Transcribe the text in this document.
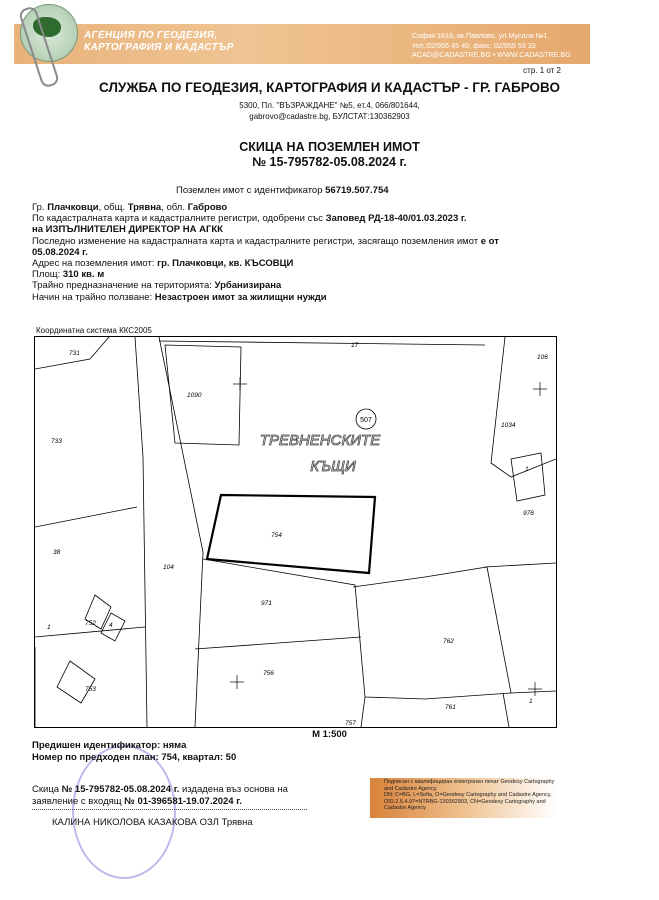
АГЕНЦИЯ ПО ГЕОДЕЗИЯ,
КАРТОГРАФИЯ И КАДАСТЪР
София 1618, кв.Павлово, ул.Мусала №1
тел.:02/955 45 40, факс: 02/955 53 33
ACAD@CADASTRE.BG • WWW.CADASTRE.BG
стр. 1 от 2
СЛУЖБА ПО ГЕОДЕЗИЯ, КАРТОГРАФИЯ И КАДАСТЪР - ГР. ГАБРОВО
5300, Пл. "ВЪЗРАЖДАНЕ" №5, ет.4, 066/801644,
gabrovo@cadastre.bg, БУЛСТАТ:130362903
СКИЦА НА ПОЗЕМЛЕН ИМОТ
№ 15-795782-05.08.2024 г.
Поземлен имот с идентификатор 56719.507.754
Гр. Плачковци, общ. Трявна, обл. Габрово
По кадастралната карта и кадастралните регистри, одобрени със Заповед РД-18-40/01.03.2023 г.
на ИЗПЪЛНИТЕЛЕН ДИРЕКТОР НА АГКК
Последно изменение на кадастралната карта и кадастралните регистри, засягащо поземления имот е от
05.08.2024 г.
Адрес на поземления имот: гр. Плачковци, кв. КЪСОВЦИ
Площ: 310 кв. м
Трайно предназначение на територията: Урбанизирана
Начин на трайно ползване: Незастроен имот за жилищни нужди
Координатна система ККС2005
507
ТРЕВНЕНСКИТЕ
КЪЩИ
731
17
106
1090
1034
733
1
976
754
38
104
971
752 4
1
762
753
756
761
1
757
М 1:500
Предишен идентификатор: няма
Номер по предходен план: 754, квартал: 50
Скица № 15-795782-05.08.2024 г. издадена въз основа на
заявление с входящ № 01-396581-19.07.2024 г.
КАЛИНА НИКОЛОВА КАЗАКОВА ОЗЛ Трявна
Подписан с квалифициран електронен печат Geodesy Cartography
and Cadastre Agency
DN: C=BG, L=Sofia, O=Geodesy Cartography and Cadastre Agency,
OID.2.5.4.97=NTRBG-130362903, CN=Geodesy Cartography and
Cadastre Agency
